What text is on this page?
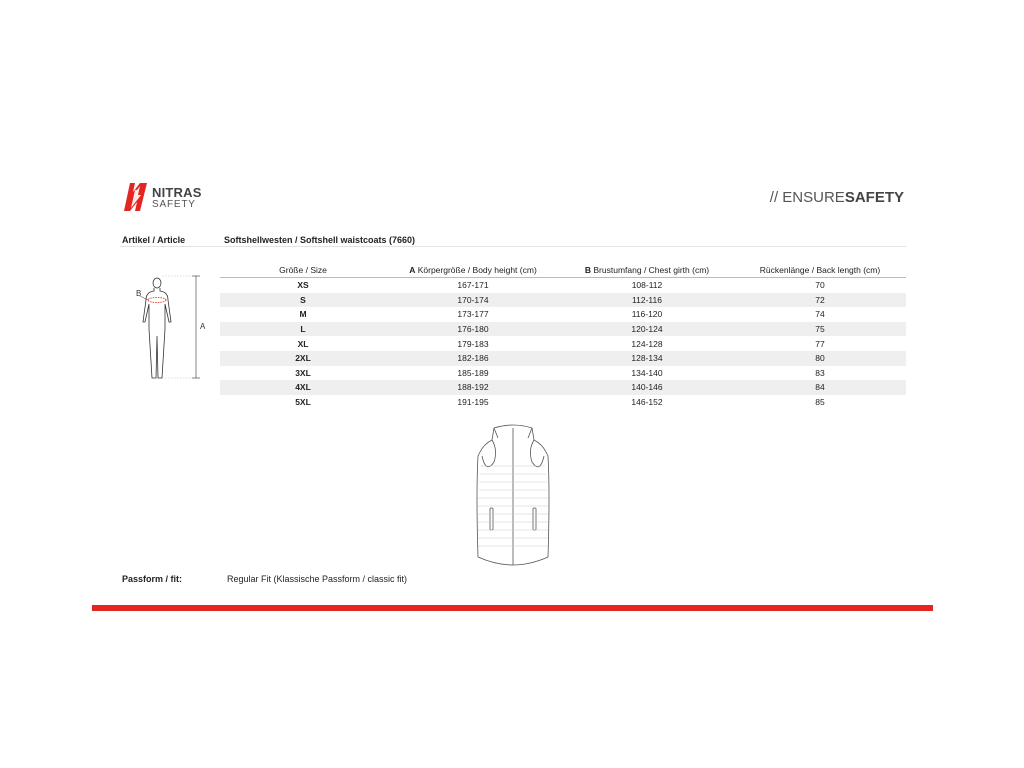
NITRAS
SAFETY	// ENSURESAFETY
Artikel / Article	Softshellwesten / Softshell waistcoats (7660)
B
A
Größe / Size	A Körpergröße / Body height (cm)	B Brustumfang / Chest girth (cm)	Rückenlänge / Back length (cm)
XS	167-171	108-112	70
S	170-174	112-116	72
M	173-177	116-120	74
L	176-180	120-124	75
XL	179-183	124-128	77
2XL	182-186	128-134	80
3XL	185-189	134-140	83
4XL	188-192	140-146	84
5XL	191-195	146-152	85
Passform / fit:	Regular Fit (Klassische Passform / classic fit)
